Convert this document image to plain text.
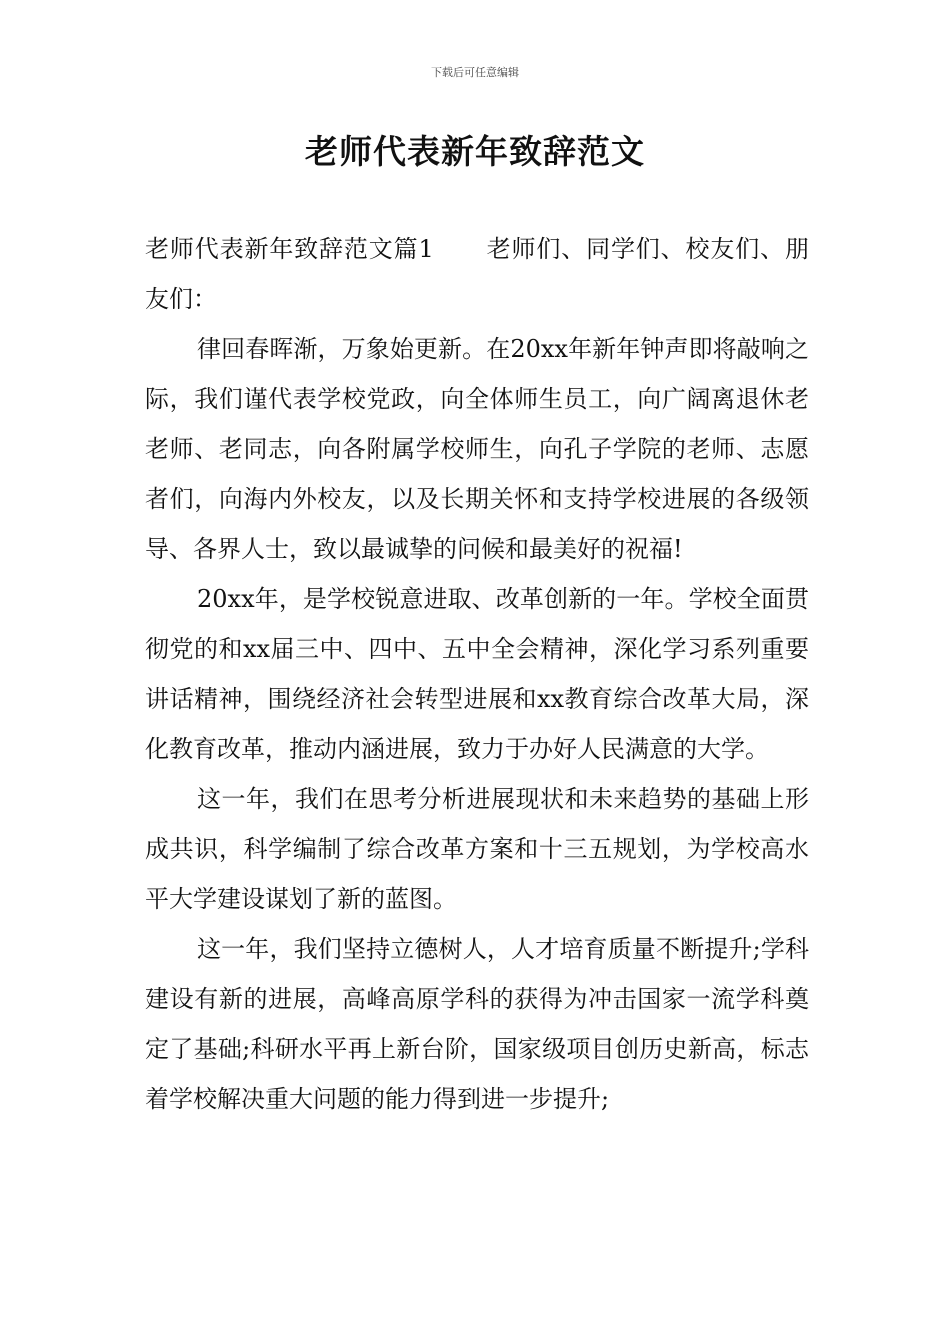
下载后可任意编辑
老师代表新年致辞范文

老师代表新年致辞范文篇1 老师们、同学们、校友们、朋友们：

律回春晖渐，万象始更新。在20xx年新年钟声即将敲响之际，我们谨代表学校党政，向全体师生员工，向广阔离退休老老师、老同志，向各附属学校师生，向孔子学院的老师、志愿者们，向海内外校友，以及长期关怀和支持学校进展的各级领导、各界人士，致以最诚挚的问候和最美好的祝福!

20xx年，是学校锐意进取、改革创新的一年。学校全面贯彻党的和xx届三中、四中、五中全会精神，深化学习系列重要讲话精神，围绕经济社会转型进展和xx教育综合改革大局，深化教育改革，推动内涵进展，致力于办好人民满意的大学。

这一年，我们在思考分析进展现状和未来趋势的基础上形成共识，科学编制了综合改革方案和十三五规划，为学校高水平大学建设谋划了新的蓝图。

这一年，我们坚持立德树人，人才培育质量不断提升;学科建设有新的进展，高峰高原学科的获得为冲击国家一流学科奠定了基础;科研水平再上新台阶，国家级项目创历史新高，标志着学校解决重大问题的能力得到进一步提升;
